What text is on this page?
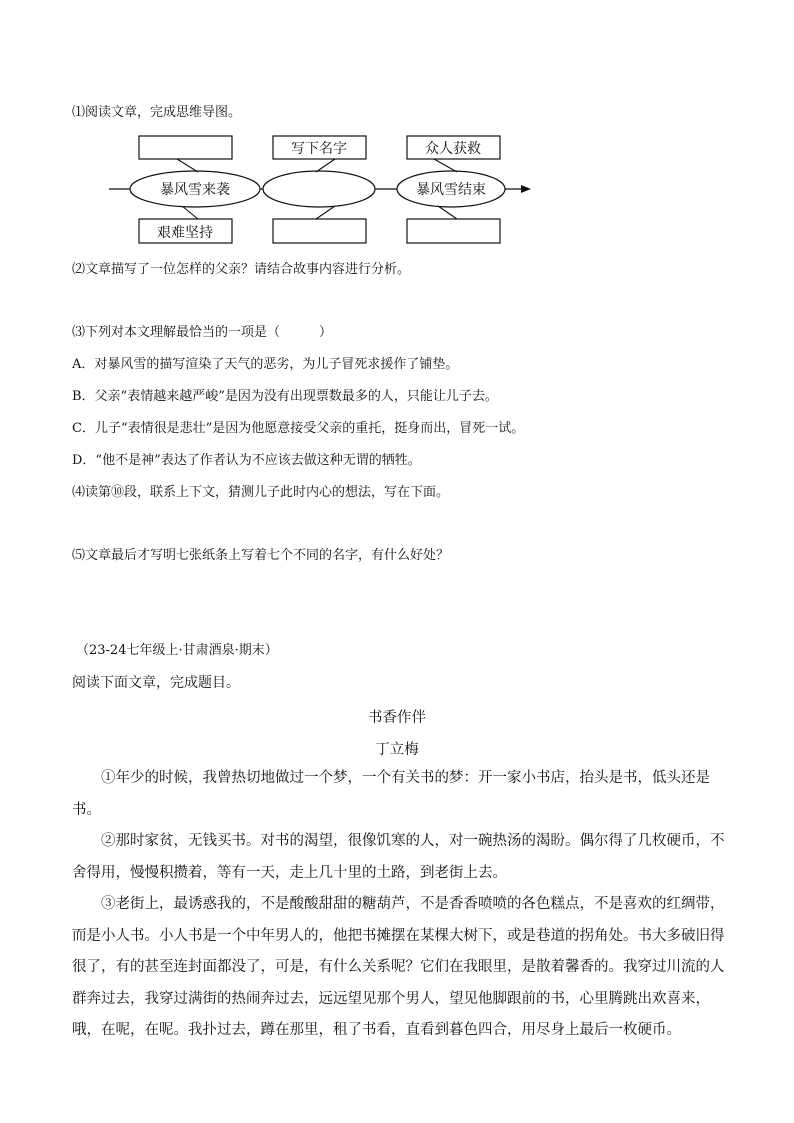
⑴阅读文章，完成思维导图。
暴风雪来袭	暴风雪结束
写下名字	众人获救
艰难坚持
⑵文章描写了一位怎样的父亲？请结合故事内容进行分析。
⑶下列对本文理解最恰当的一项是（　　　）
A．对暴风雪的描写渲染了天气的恶劣，为儿子冒死求援作了铺垫。
B．父亲“表情越来越严峻”是因为没有出现票数最多的人，只能让儿子去。
C．儿子“表情很是悲壮”是因为他愿意接受父亲的重托，挺身而出，冒死一试。
D．“他不是神”表达了作者认为不应该去做这种无谓的牺牲。
⑷读第⑩段，联系上下文，猜测儿子此时内心的想法，写在下面。
⑸文章最后才写明七张纸条上写着七个不同的名字，有什么好处？
（23-24七年级上·甘肃酒泉·期末）
阅读下面文章，完成题目。
书香作伴
丁立梅

①年少的时候，我曾热切地做过一个梦，一个有关书的梦：开一家小书店，抬头是书，低头还是书。

②那时家贫，无钱买书。对书的渴望，很像饥寒的人，对一碗热汤的渴盼。偶尔得了几枚硬币，不舍得用，慢慢积攒着，等有一天，走上几十里的土路，到老街上去。

③老街上，最诱惑我的，不是酸酸甜甜的糖葫芦，不是香香喷喷的各色糕点，不是喜欢的红绸带，而是小人书。小人书是一个中年男人的，他把书摊摆在某棵大树下，或是巷道的拐角处。书大多破旧得很了，有的甚至连封面都没了，可是，有什么关系呢？它们在我眼里，是散着馨香的。我穿过川流的人群奔过去，我穿过满街的热闹奔过去，远远望见那个男人，望见他脚跟前的书，心里腾跳出欢喜来，哦，在呢，在呢。我扑过去，蹲在那里，租了书看，直看到暮色四合，用尽身上最后一枚硬币。
